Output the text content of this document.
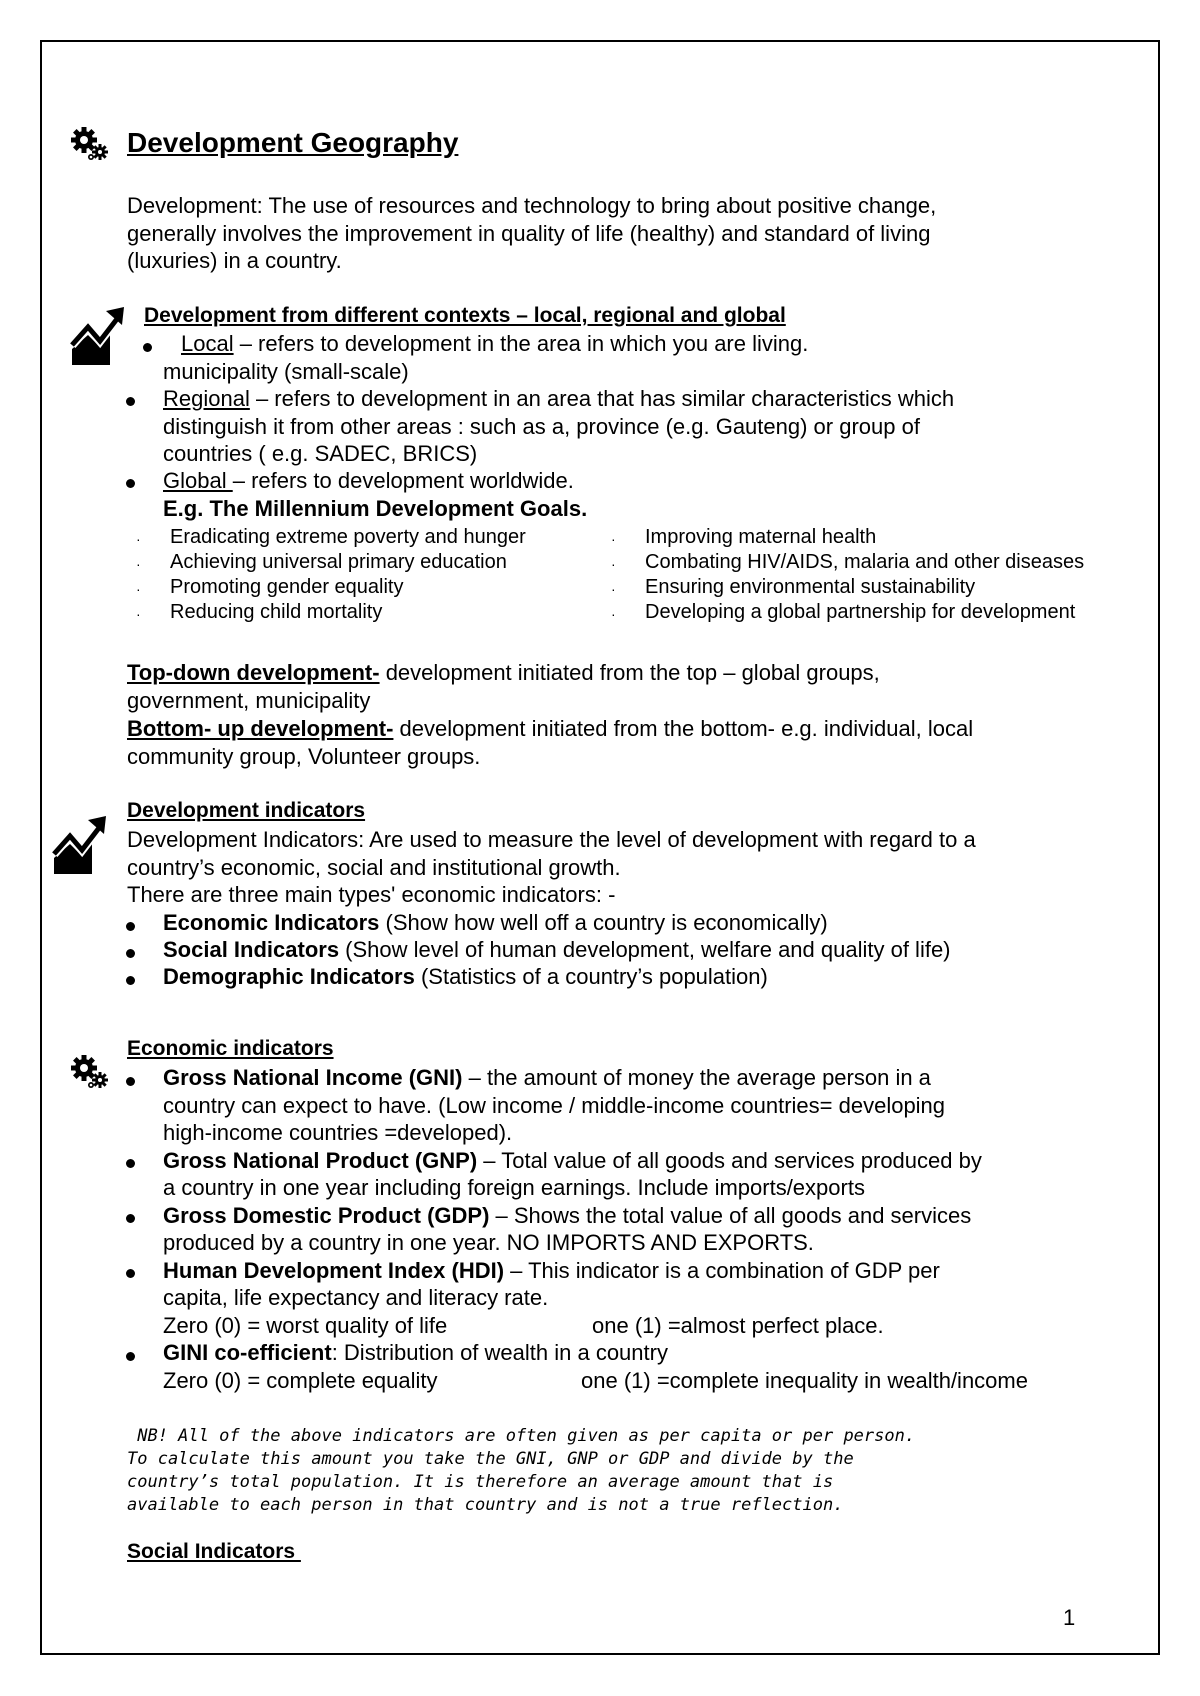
Development Geography
Development: The use of resources and technology to bring about positive change,
generally involves the improvement in quality of life (healthy) and standard of living
(luxuries) in a country.
Development from different contexts – local, regional and global
Local – refers to development in the area in which you are living.
municipality (small-scale)
Regional – refers to development in an area that has similar characteristics which
distinguish it from other areas : such as a, province (e.g. Gauteng) or group of
countries ( e.g. SADEC, BRICS)
Global – refers to development worldwide.
E.g. The Millennium Development Goals.
·
·
·
·
Eradicating extreme poverty and hunger
Achieving universal primary education
Promoting gender equality
Reducing child mortality
·
·
·
·
Improving maternal health
Combating HIV/AIDS, malaria and other diseases
Ensuring environmental sustainability
Developing a global partnership for development
Top-down development- development initiated from the top – global groups,
government, municipality
Bottom- up development- development initiated from the bottom- e.g. individual, local
community group, Volunteer groups.
Development indicators
Development Indicators: Are used to measure the level of development with regard to a
country’s economic, social and institutional growth.
There are three main types' economic indicators: -
Economic Indicators (Show how well off a country is economically)
Social Indicators (Show level of human development, welfare and quality of life)
Demographic Indicators (Statistics of a country’s population)
Economic indicators
Gross National Income (GNI) – the amount of money the average person in a
country can expect to have. (Low income / middle-income countries= developing
high-income countries =developed).
Gross National Product (GNP) – Total value of all goods and services produced by
a country in one year including foreign earnings. Include imports/exports
Gross Domestic Product (GDP) – Shows the total value of all goods and services
produced by a country in one year. NO IMPORTS AND EXPORTS.
Human Development Index (HDI) – This indicator is a combination of GDP per
capita, life expectancy and literacy rate.
Zero (0) = worst quality of life	one (1) =almost perfect place.
GINI co-efficient: Distribution of wealth in a country
Zero (0) = complete equality	one (1) =complete inequality in wealth/income
NB! All of the above indicators are often given as per capita or per person.
To calculate this amount you take the GNI, GNP or GDP and divide by the
country’s total population. It is therefore an average amount that is
available to each person in that country and is not a true reflection.
Social Indicators
1
